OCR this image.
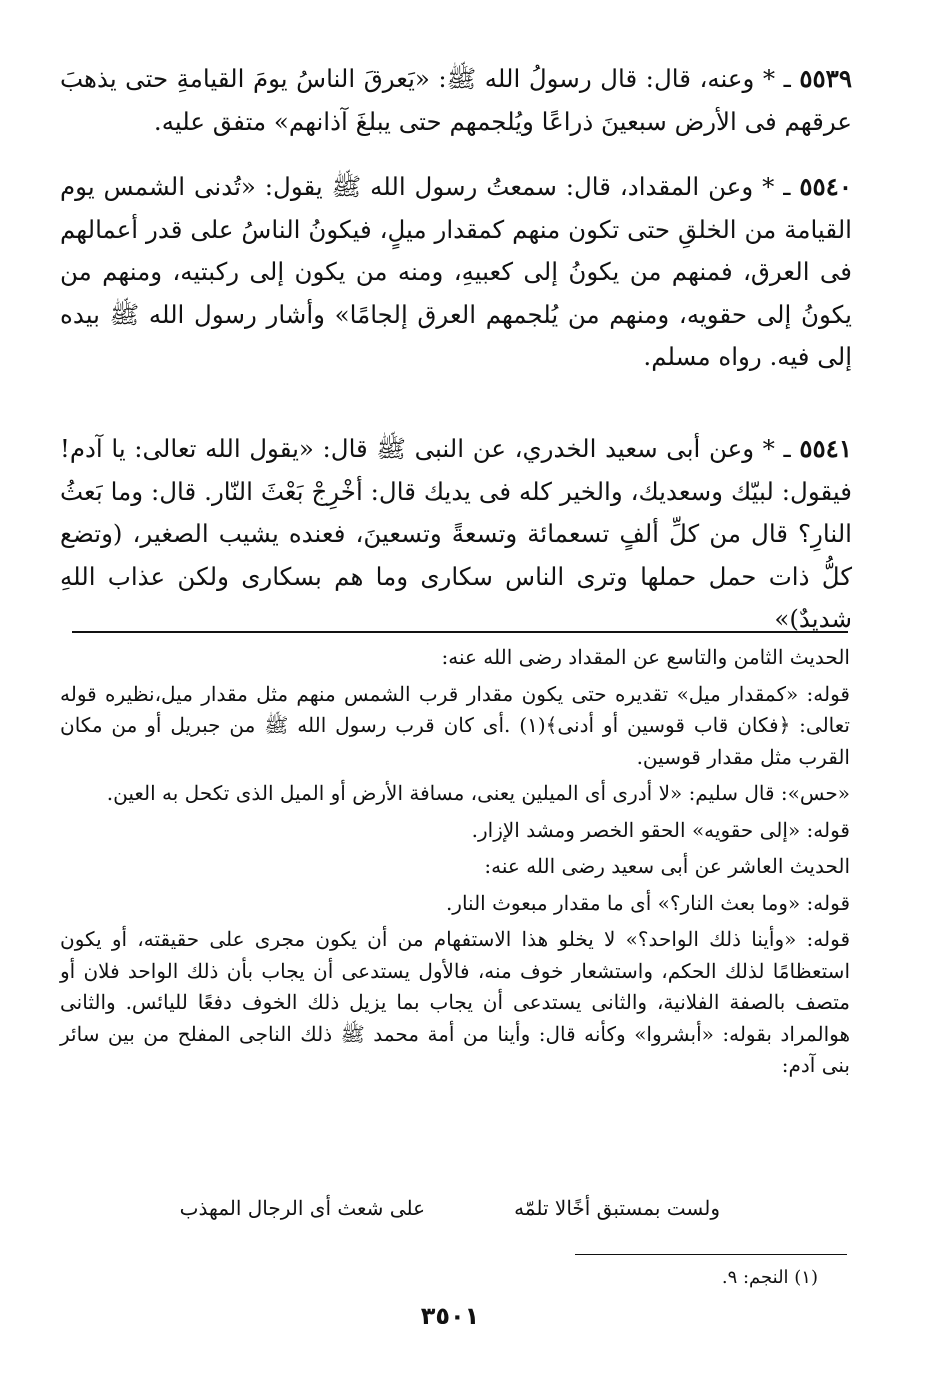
٥٥٣٩ ـ * وعنه، قال: قال رسولُ الله ﷺ: «يَعرقَ الناسُ يومَ القيامةِ حتى يذهبَ عرقهم فى الأرض سبعينَ ذراعًا ويُلجمهم حتى يبلغَ آذانهم» متفق عليه.

٥٥٤٠ ـ * وعن المقداد، قال: سمعتُ رسول الله ﷺ يقول: «تُدنى الشمس يوم القيامة من الخلقِ حتى تكون منهم كمقدار ميلٍ، فيكونُ الناسُ على قدر أعمالهم فى العرق، فمنهم من يكونُ إلى كعبيهِ، ومنه من يكون إلى ركبتيه، ومنهم من يكونُ إلى حقويه، ومنهم من يُلجمهم العرق إلجامًا» وأشار رسول الله ﷺ بيده إلى فيه. رواه مسلم.

٥٥٤١ ـ * وعن أبى سعيد الخدري، عن النبى ﷺ قال: «يقول الله تعالى: يا آدم! فيقول: لبيّك وسعديك، والخير كله فى يديك قال: أخْرِجْ بَعْثَ النّار. قال: وما بَعثُ النارِ؟ قال من كلِّ ألفٍ تسعمائة وتسعةً وتسعينَ، فعنده يشيب الصغير، (وتضع كلُّ ذات حمل حملها وترى الناس سكارى وما هم بسكارى ولكن عذاب اللهِ شديدٌ)»

الحديث الثامن والتاسع عن المقداد رضى الله عنه:

قوله: «كمقدار ميل» تقديره حتى يكون مقدار قرب الشمس منهم مثل مقدار ميل،نظيره قوله تعالى: ﴿فكان قاب قوسين أو أدنى﴾(١) .أى كان قرب رسول الله ﷺ من جبريل أو من مكان القرب مثل مقدار قوسين.

«حس»: قال سليم: «لا أدرى أى الميلين يعنى، مسافة الأرض أو الميل الذى تكحل به العين.

قوله: «إلى حقويه» الحقو الخصر ومشد الإزار.

الحديث العاشر عن أبى سعيد رضى الله عنه:

قوله: «وما بعث النار؟» أى ما مقدار مبعوث النار.

قوله: «وأينا ذلك الواحد؟» لا يخلو هذا الاستفهام من أن يكون مجرى على حقيقته، أو يكون استعظامًا لذلك الحكم، واستشعار خوف منه، فالأول يستدعى أن يجاب بأن ذلك الواحد فلان أو متصف بالصفة الفلانية، والثانى يستدعى أن يجاب بما يزيل ذلك الخوف دفعًا لليائس. والثانى هوالمراد بقوله: «أبشروا» وكأنه قال: وأينا من أمة محمد ﷺ ذلك الناجى المفلح من بين سائر بنى آدم:

ولست بمستبق أخًالا تلمّه
على شعث أى الرجال المهذب
(١) النجم: ٩.
٣٥٠١
